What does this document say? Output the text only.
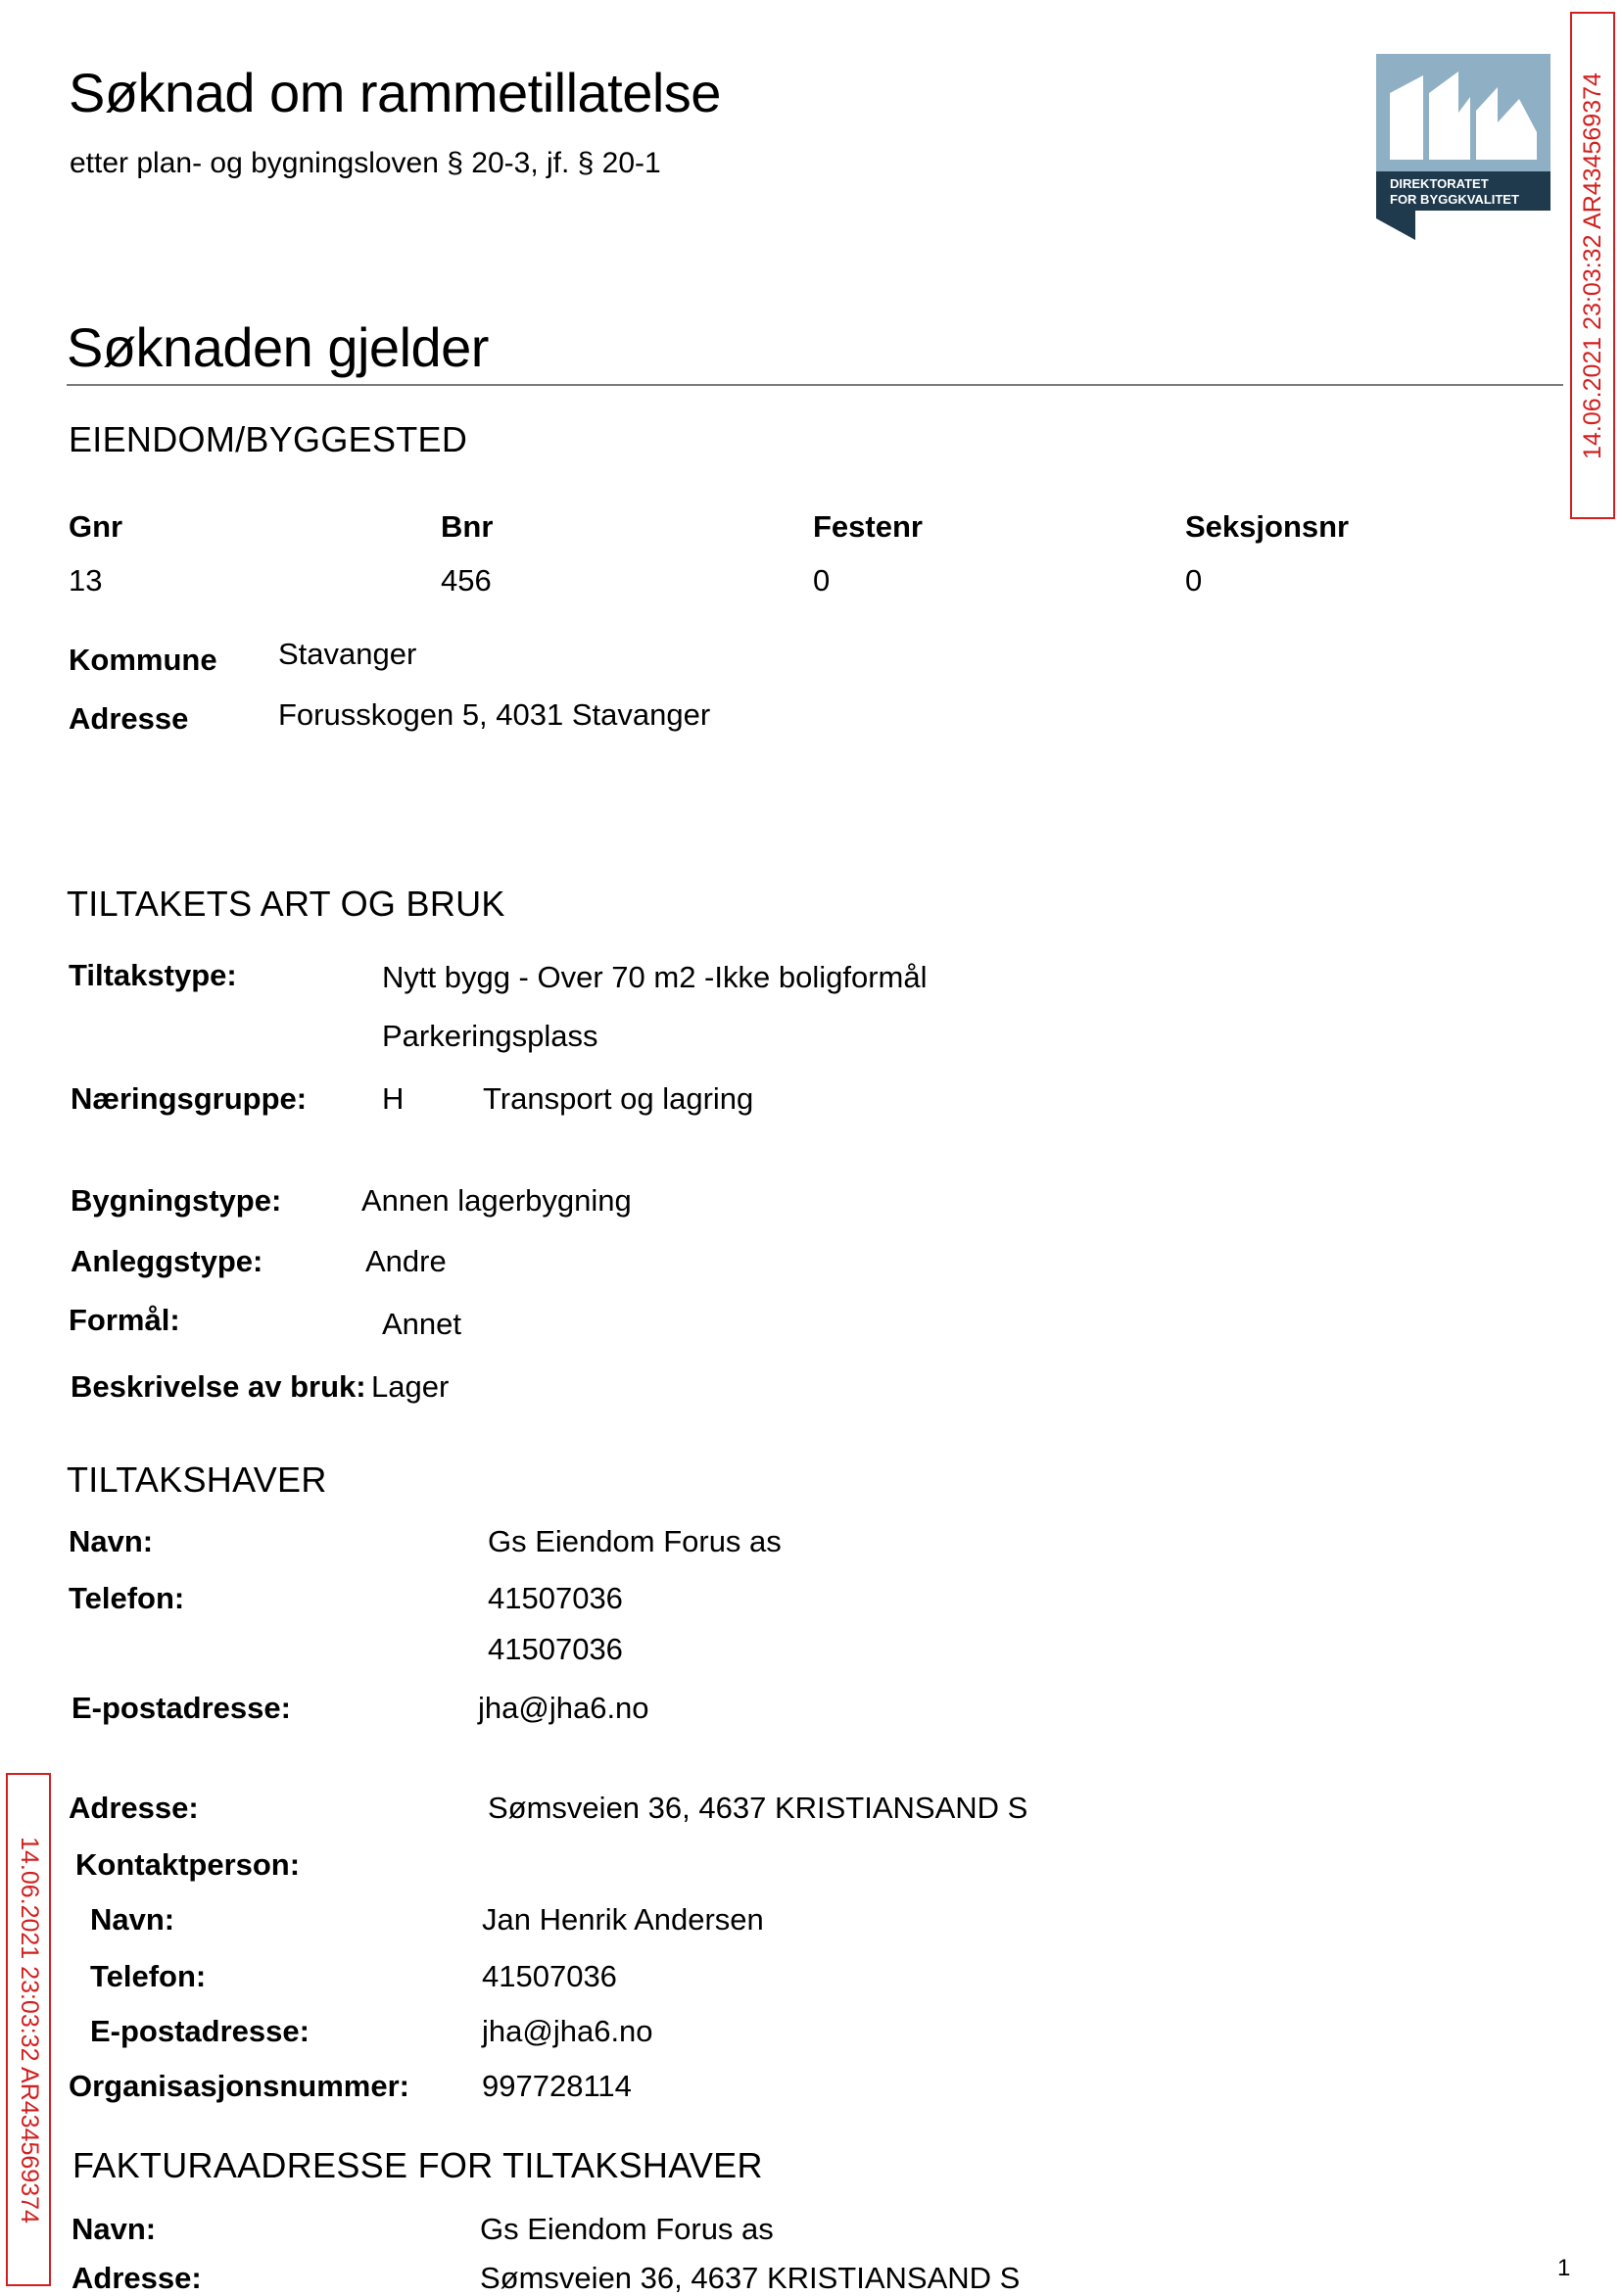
Søknad om rammetillatelse
etter plan- og bygningsloven § 20-3, jf. § 20-1
DIREKTORATET
FOR BYGGKVALITET 14.06.2021 23:03:32 AR434569374
14.06.2021 23:03:32 AR434569374
Søknaden gjelder
EIENDOM/BYGGESTED
Gnr	Bnr	Festenr	Seksjonsnr
13	456	0	0
Kommune Stavanger
Adresse	Forusskogen 5, 4031 Stavanger
TILTAKETS ART OG BRUK
Tiltakstype:	Nytt bygg - Over 70 m2 -Ikke boligformål
Parkeringsplass
Næringsgruppe: H	Transport og lagring
Bygningstype:	Annen lagerbygning
Anleggstype:	Andre
Formål:	Annet
Beskrivelse av bruk: Lager
TILTAKSHAVER
Navn:	Gs Eiendom Forus as
Telefon:	41507036
41507036
E-postadresse:	jha@jha6.no
Adresse:	Sømsveien 36, 4637 KRISTIANSAND S
Kontaktperson:
Navn:	Jan Henrik Andersen
Telefon:	41507036
E-postadresse:	jha@jha6.no
Organisasjonsnummer: 997728114
FAKTURAADRESSE FOR TILTAKSHAVER
Navn:	Gs Eiendom Forus as
Adresse:	Sømsveien 36, 4637 KRISTIANSAND S	1
